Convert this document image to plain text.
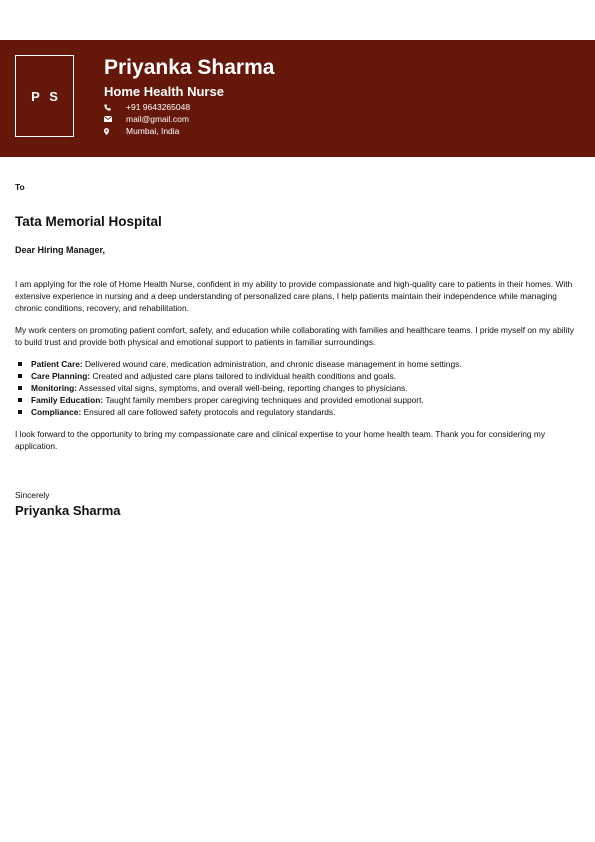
P S
Priyanka Sharma
Home Health Nurse
+91 9643265048
mail@gmail.com
Mumbai, India
To
Tata Memorial Hospital
Dear Hiring Manager,

I am applying for the role of Home Health Nurse, confident in my ability to provide compassionate and high-quality care to patients in their homes. With extensive experience in nursing and a deep understanding of personalized care plans, I help patients maintain their independence while managing chronic conditions, recovery, and rehabilitation.

My work centers on promoting patient comfort, safety, and education while collaborating with families and healthcare teams. I pride myself on my ability to build trust and provide both physical and emotional support to patients in familiar surroundings.

Patient Care: Delivered wound care, medication administration, and chronic disease management in home settings.
Care Planning: Created and adjusted care plans tailored to individual health conditions and goals.
Monitoring: Assessed vital signs, symptoms, and overall well-being, reporting changes to physicians.
Family Education: Taught family members proper caregiving techniques and provided emotional support.
Compliance: Ensured all care followed safety protocols and regulatory standards.

I look forward to the opportunity to bring my compassionate care and clinical expertise to your home health team. Thank you for considering my application.

Sincerely
Priyanka Sharma
